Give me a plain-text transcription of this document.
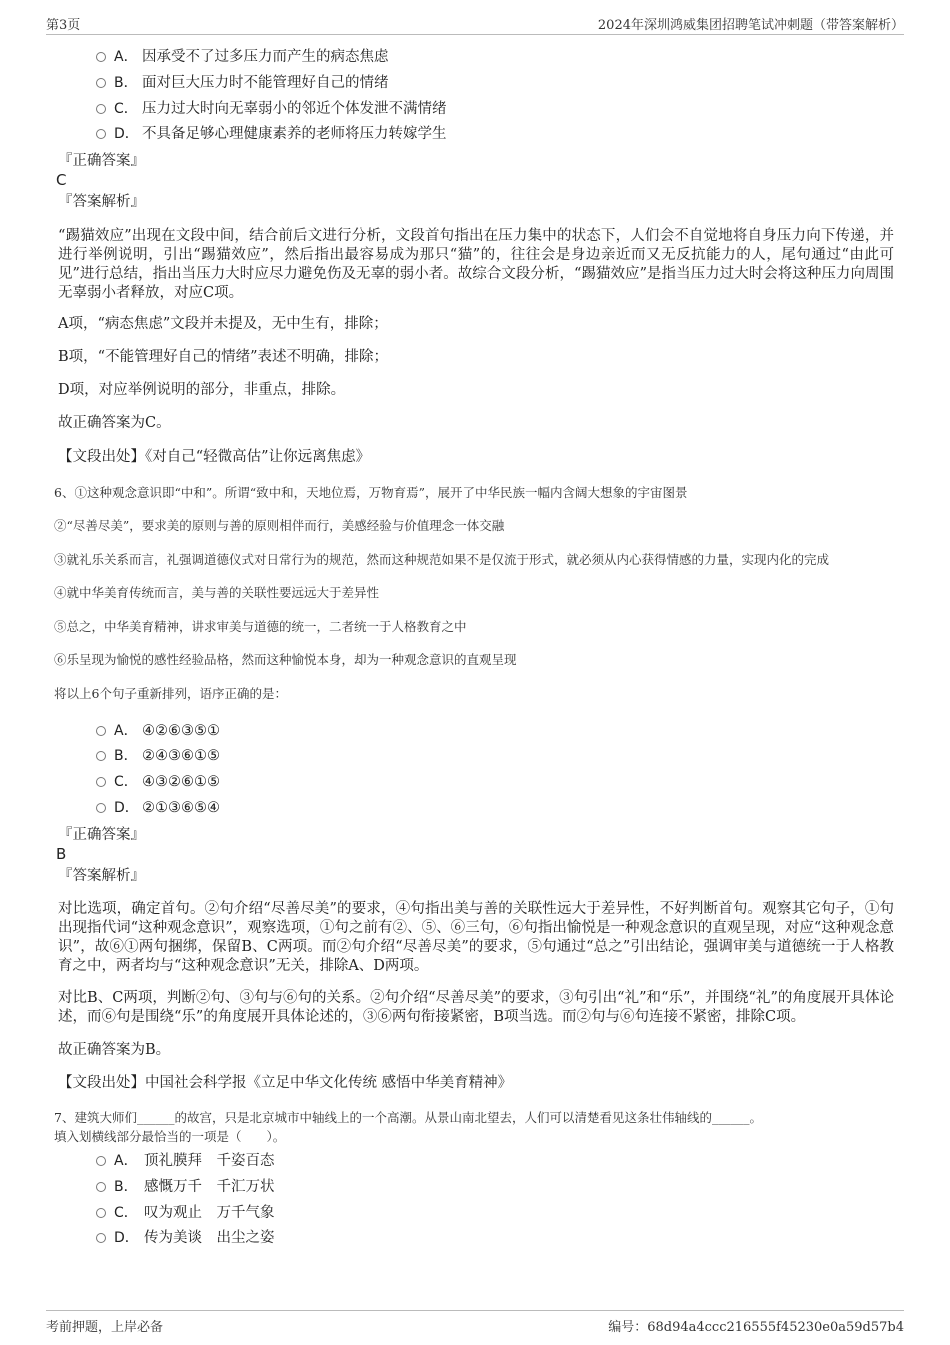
第3页	2024年深圳鸿威集团招聘笔试冲刺题（带答案解析）
A． 因承受不了过多压力而产生的病态焦虑
B． 面对巨大压力时不能管理好自己的情绪
C． 压力过大时向无辜弱小的邻近个体发泄不满情绪
D． 不具备足够心理健康素养的老师将压力转嫁学生
『正确答案』
C
『答案解析』
“踢猫效应”出现在文段中间，结合前后文进行分析，文段首句指出在压力集中的状态下，人们会不自觉地将自身压力向下传递，并进行举例说明，引出“踢猫效应”，然后指出最容易成为那只“猫”的，往往会是身边亲近而又无反抗能力的人，尾句通过“由此可见”进行总结，指出当压力大时应尽力避免伤及无辜的弱小者。故综合文段分析，“踢猫效应”是指当压力过大时会将这种压力向周围无辜弱小者释放，对应C项。
A项，“病态焦虑”文段并未提及，无中生有，排除；
B项，“不能管理好自己的情绪”表述不明确，排除；
D项，对应举例说明的部分，非重点，排除。
故正确答案为C。
【文段出处】《对自己“轻微高估”让你远离焦虑》
6、①这种观念意识即“中和”。所谓“致中和，天地位焉，万物育焉”，展开了中华民族一幅内含阔大想象的宇宙图景
②“尽善尽美”，要求美的原则与善的原则相伴而行，美感经验与价值理念一体交融
③就礼乐关系而言，礼强调道德仪式对日常行为的规范，然而这种规范如果不是仅流于形式，就必须从内心获得情感的力量，实现内化的完成
④就中华美育传统而言，美与善的关联性要远远大于差异性
⑤总之，中华美育精神，讲求审美与道德的统一，二者统一于人格教育之中
⑥乐呈现为愉悦的感性经验品格，然而这种愉悦本身，却为一种观念意识的直观呈现
将以上6个句子重新排列，语序正确的是：
A． ④②⑥③⑤①
B． ②④③⑥①⑤
C． ④③②⑥①⑤
D． ②①③⑥⑤④
『正确答案』
B
『答案解析』
对比选项，确定首句。②句介绍“尽善尽美”的要求，④句指出美与善的关联性远大于差异性，不好判断首句。观察其它句子，①句出现指代词“这种观念意识”，观察选项，①句之前有②、⑤、⑥三句，⑥句指出愉悦是一种观念意识的直观呈现，对应“这种观念意识”，故⑥①两句捆绑，保留B、C两项。而②句介绍“尽善尽美”的要求，⑤句通过“总之”引出结论，强调审美与道德统一于人格教育之中，两者均与“这种观念意识”无关，排除A、D两项。
对比B、C两项，判断②句、③句与⑥句的关系。②句介绍“尽善尽美”的要求，③句引出“礼”和“乐”，并围绕“礼”的角度展开具体论述，而⑥句是围绕“乐”的角度展开具体论述的，③⑥两句衔接紧密，B项当选。而②句与⑥句连接不紧密，排除C项。
故正确答案为B。
【文段出处】中国社会科学报《立足中华文化传统 感悟中华美育精神》
7、建筑大师们______的故宫，只是北京城市中轴线上的一个高潮。从景山南北望去，人们可以清楚看见这条壮伟轴线的______。
填入划横线部分最恰当的一项是（　　）。
A． 顶礼膜拜　千姿百态
B． 感慨万千　千汇万状
C． 叹为观止　万千气象
D． 传为美谈　出尘之姿
考前押题，上岸必备	编号：68d94a4ccc216555f45230e0a59d57b4
